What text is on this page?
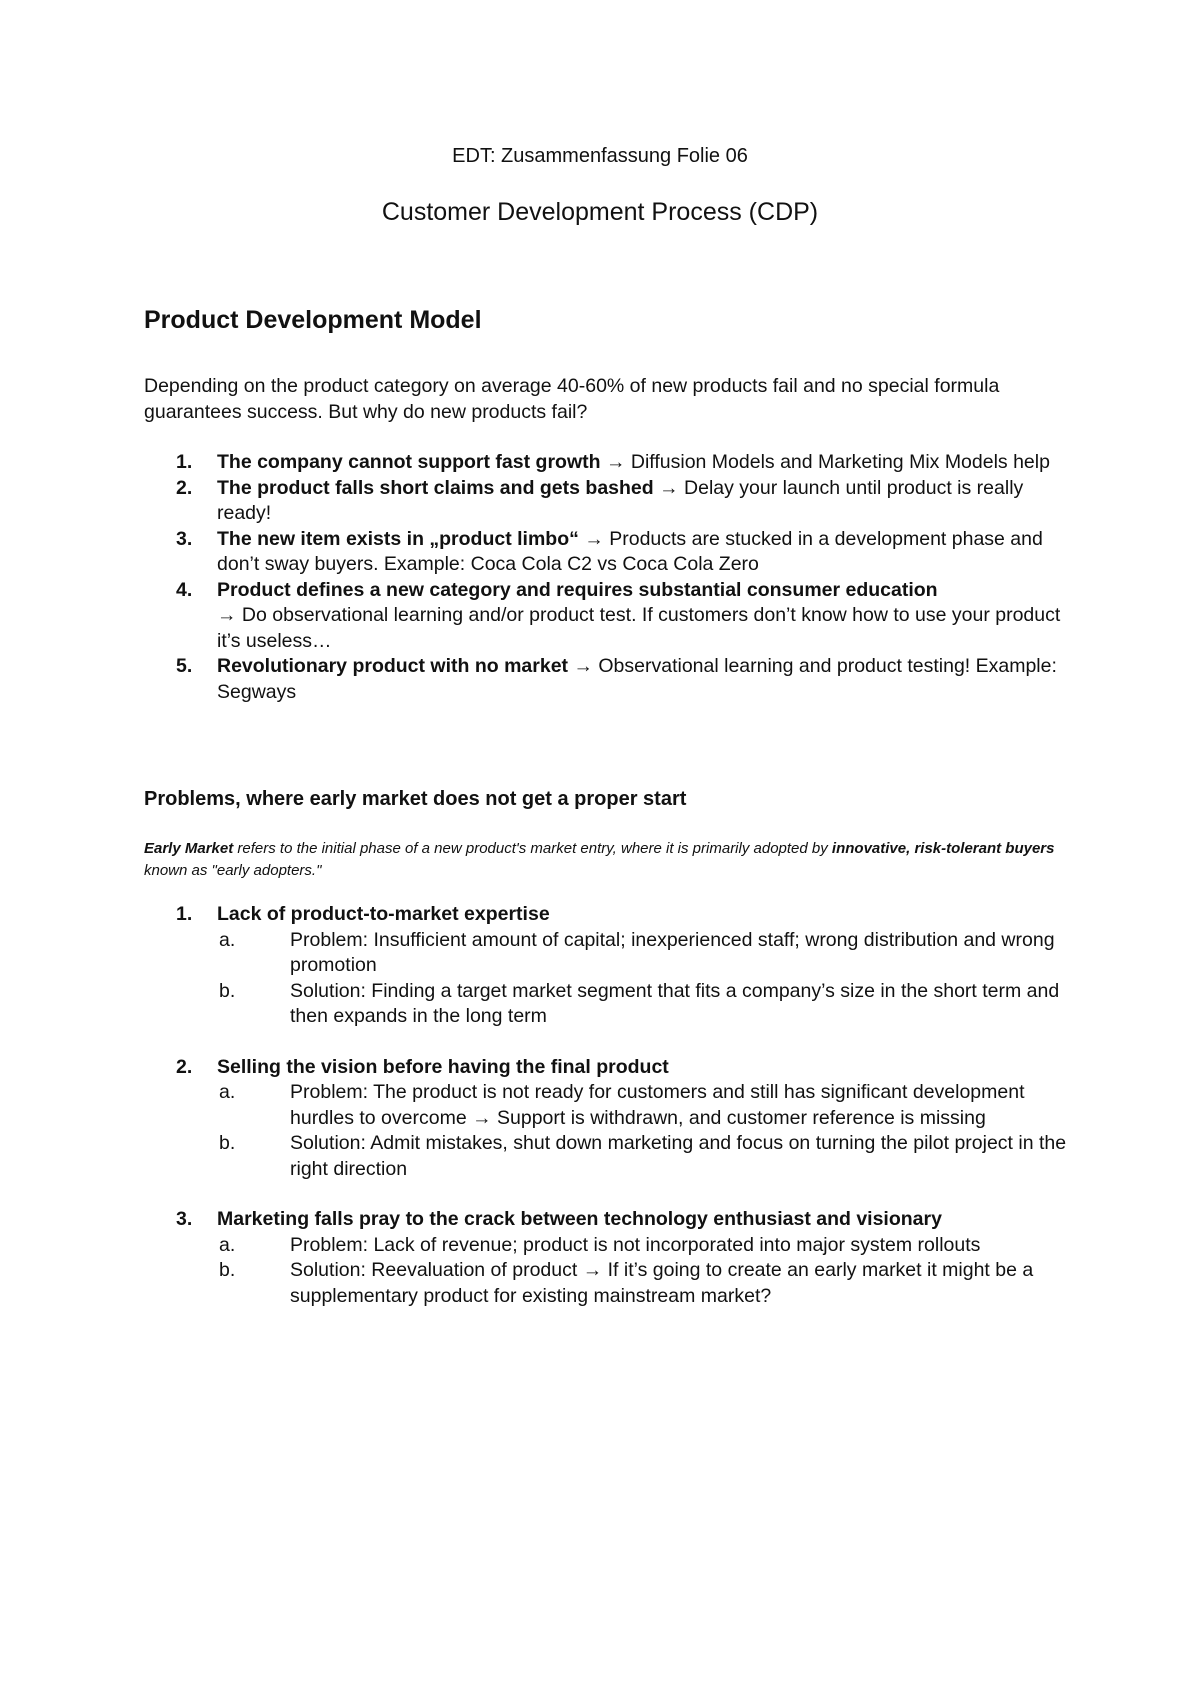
EDT: Zusammenfassung Folie 06

Customer Development Process (CDP)
Product Development Model

Depending on the product category on average 40-60% of new products fail and no special formula guarantees success. But why do new products fail?

1. The company cannot support fast growth → Diffusion Models and Marketing Mix Models help
2. The product falls short claims and gets bashed → Delay your launch until product is really ready!
3. The new item exists in „product limbo“ → Products are stucked in a development phase and don’t sway buyers. Example: Coca Cola C2 vs Coca Cola Zero
4. Product defines a new category and requires substantial consumer education
→ Do observational learning and/or product test. If customers don’t know how to use your product it’s useless…
5. Revolutionary product with no market → Observational learning and product testing! Example: Segways
Problems, where early market does not get a proper start

Early Market refers to the initial phase of a new product's market entry, where it is primarily adopted by innovative, risk-tolerant buyers known as "early adopters."

1. Lack of product-to-market expertise
a.	Problem: Insufficient amount of capital; inexperienced staff; wrong distribution and wrong promotion
b.	Solution: Finding a target market segment that fits a company’s size in the short term and then expands in the long term
2. Selling the vision before having the final product
a.	Problem: The product is not ready for customers and still has significant development hurdles to overcome → Support is withdrawn, and customer reference is missing
b.	Solution: Admit mistakes, shut down marketing and focus on turning the pilot project in the right direction
3. Marketing falls pray to the crack between technology enthusiast and visionary
a.	Problem: Lack of revenue; product is not incorporated into major system rollouts
b.	Solution: Reevaluation of product → If it’s going to create an early market it might be a supplementary product for existing mainstream market?
